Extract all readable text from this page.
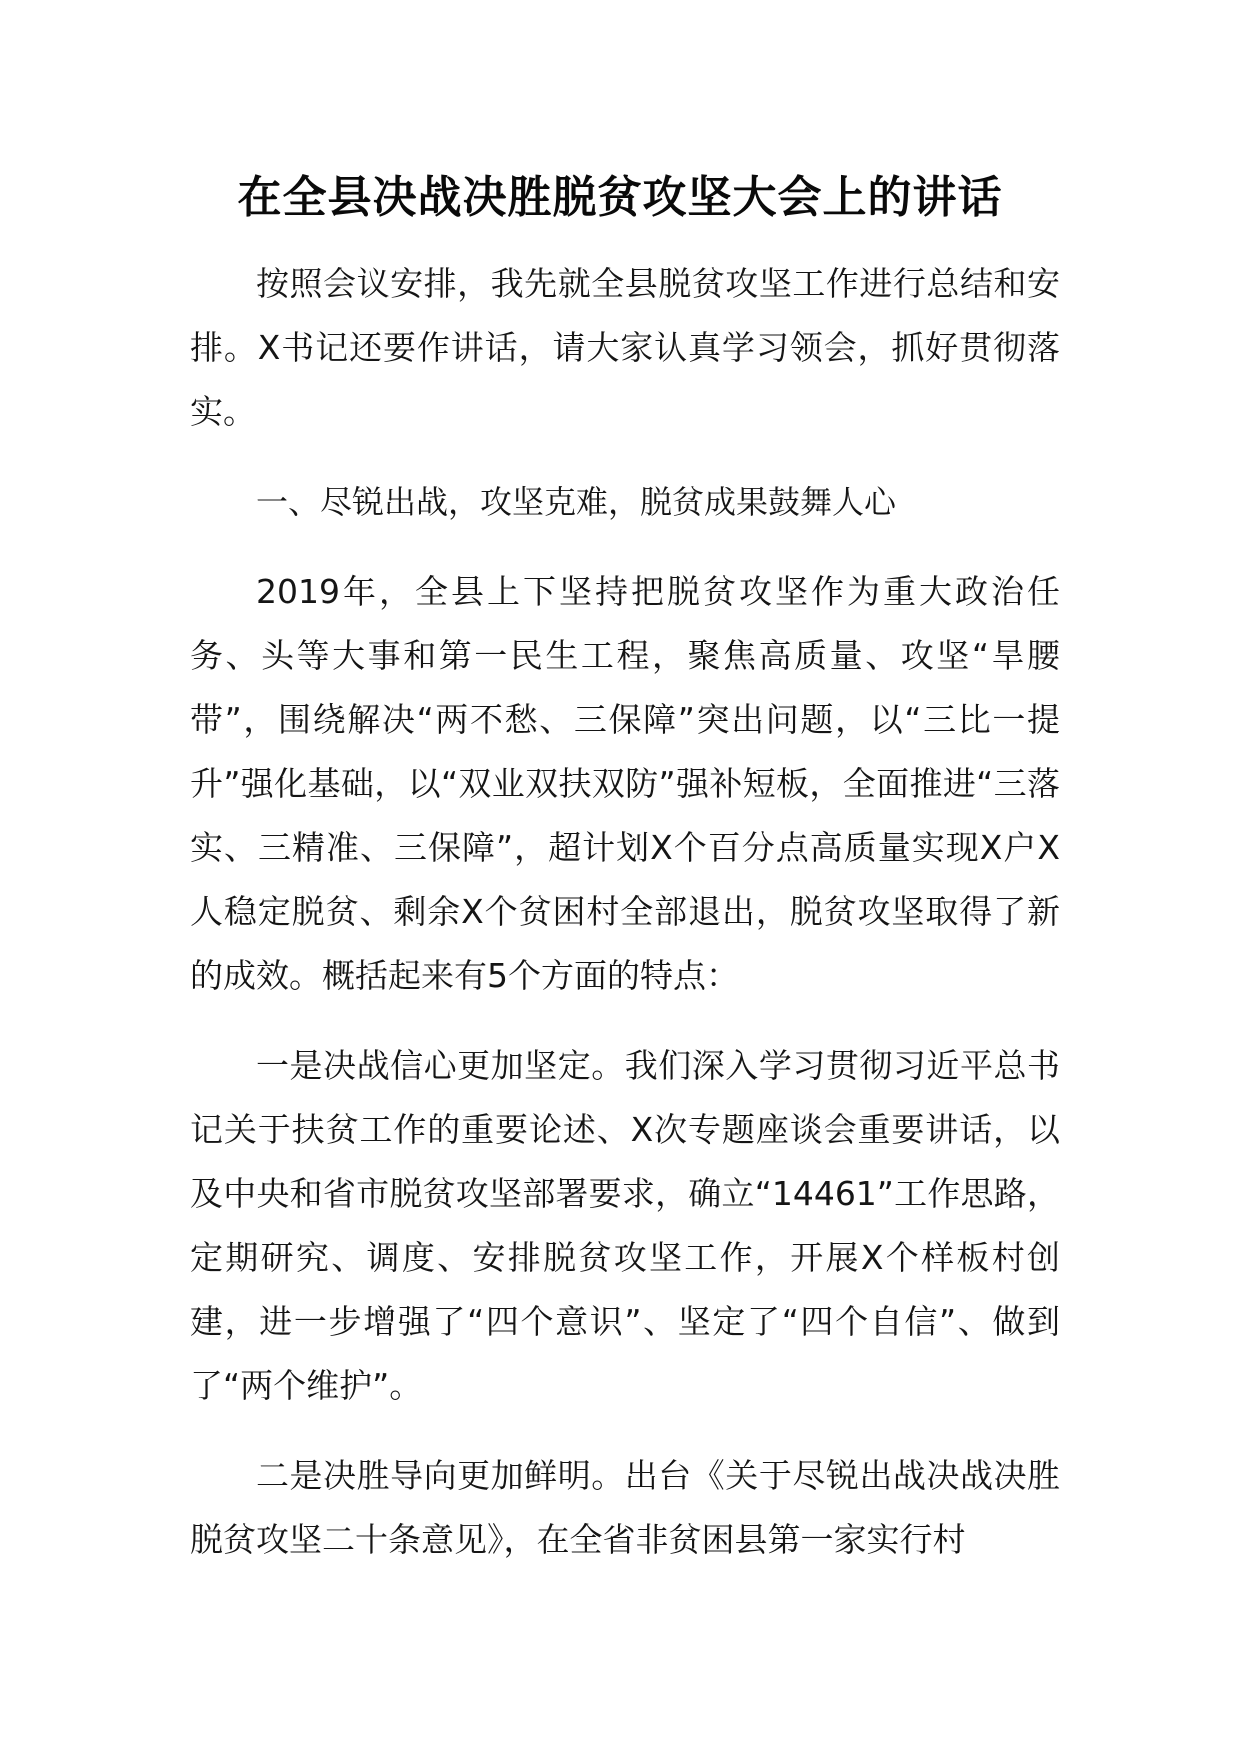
在全县决战决胜脱贫攻坚大会上的讲话

按照会议安排，我先就全县脱贫攻坚工作进行总结和安排。X书记还要作讲话，请大家认真学习领会，抓好贯彻落实。

一、尽锐出战，攻坚克难，脱贫成果鼓舞人心

2019年，全县上下坚持把脱贫攻坚作为重大政治任务、头等大事和第一民生工程，聚焦高质量、攻坚“旱腰带”，围绕解决“两不愁、三保障”突出问题，以“三比一提升”强化基础，以“双业双扶双防”强补短板，全面推进“三落实、三精准、三保障”，超计划X个百分点高质量实现X户X人稳定脱贫、剩余X个贫困村全部退出，脱贫攻坚取得了新的成效。概括起来有5个方面的特点：

一是决战信心更加坚定。我们深入学习贯彻习近平总书记关于扶贫工作的重要论述、X次专题座谈会重要讲话，以及中央和省市脱贫攻坚部署要求，确立“14461”工作思路，定期研究、调度、安排脱贫攻坚工作，开展X个样板村创建，进一步增强了“四个意识”、坚定了“四个自信”、做到了“两个维护”。

二是决胜导向更加鲜明。出台《关于尽锐出战决战决胜脱贫攻坚二十条意见》，在全省非贫困县第一家实行村
